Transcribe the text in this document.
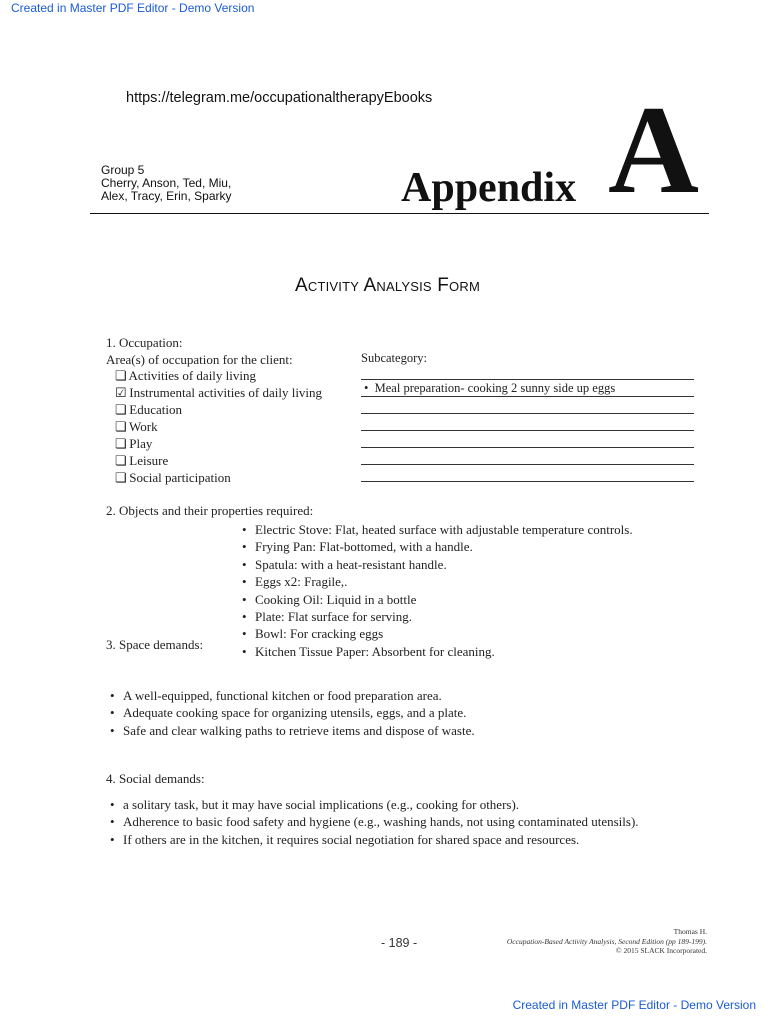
Created in Master PDF Editor - Demo Version
https://telegram.me/occupationaltherapyEbooks
Group 5
Cherry, Anson, Ted, Miu,
Alex, Tracy, Erin, Sparky	Appendix A
Activity Analysis Form
1. Occupation:
Area(s) of occupation for the client:	Subcategory:
❏ Activities of daily living
☑ Instrumental activities of daily living
❏ Education
❏ Work
❏ Play
❏ Leisure
❏ Social participation
• Meal preparation- cooking 2 sunny side up eggs
2. Objects and their properties required:
• Electric Stove: Flat, heated surface with adjustable temperature controls.
• Frying Pan: Flat-bottomed, with a handle.
• Spatula: with a heat-resistant handle.
• Eggs x2: Fragile,.
• Cooking Oil: Liquid in a bottle
• Plate: Flat surface for serving.
• Bowl: For cracking eggs
• Kitchen Tissue Paper: Absorbent for cleaning.
3. Space demands:
• A well-equipped, functional kitchen or food preparation area.
• Adequate cooking space for organizing utensils, eggs, and a plate.
• Safe and clear walking paths to retrieve items and dispose of waste.
4. Social demands:
• a solitary task, but it may have social implications (e.g., cooking for others).
• Adherence to basic food safety and hygiene (e.g., washing hands, not using contaminated utensils).
• If others are in the kitchen, it requires social negotiation for shared space and resources.
- 189 -
Thomas H.
Occupation-Based Activity Analysis, Second Edition (pp 189-199).
© 2015 SLACK Incorporated.
Created in Master PDF Editor - Demo Version
